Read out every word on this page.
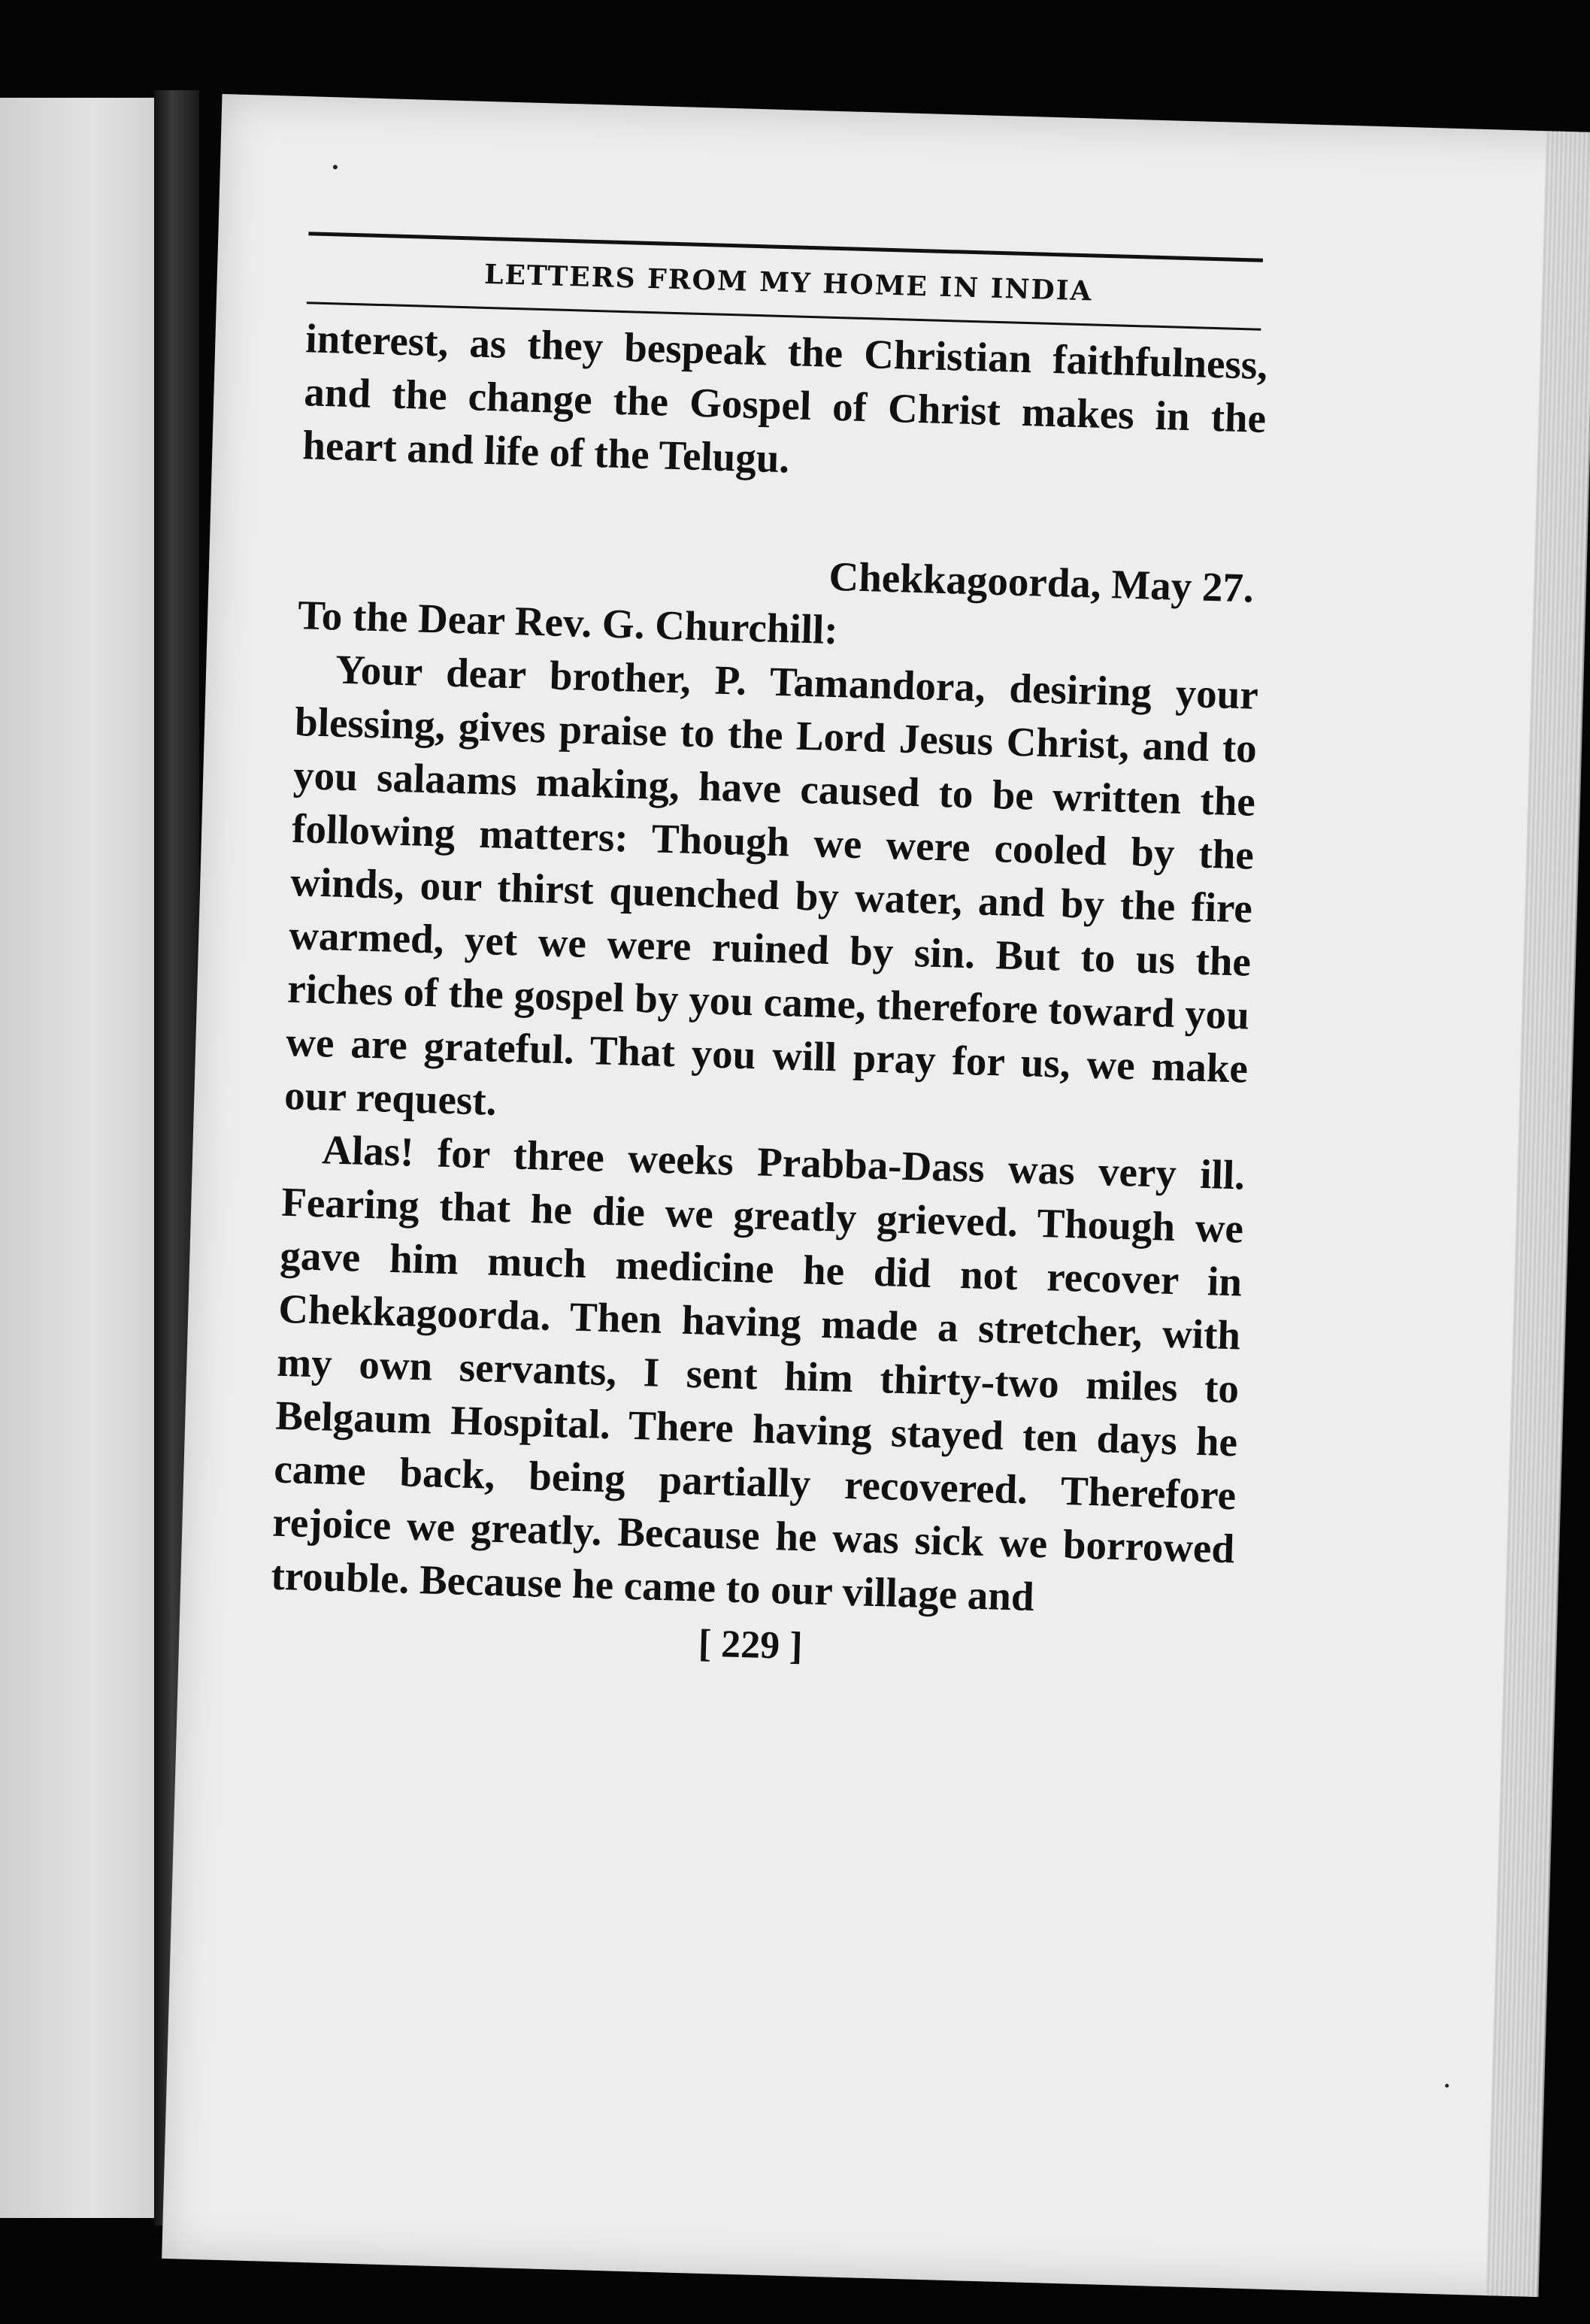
LETTERS FROM MY HOME IN INDIA

interest, as they bespeak the Christian faithfulness, and the change the Gospel of Christ makes in the heart and life of the Telugu.

Chekkagoorda, May 27.

To the Dear Rev. G. Churchill:

Your dear brother, P. Tamandora, desiring your blessing, gives praise to the Lord Jesus Christ, and to you salaams making, have caused to be written the following matters: Though we were cooled by the winds, our thirst quenched by water, and by the fire warmed, yet we were ruined by sin. But to us the riches of the gospel by you came, therefore toward you we are grateful. That you will pray for us, we make our request.

Alas! for three weeks Prabba-Dass was very ill. Fearing that he die we greatly grieved. Though we gave him much medicine he did not recover in Chekkagoorda. Then having made a stretcher, with my own servants, I sent him thirty-two miles to Belgaum Hospital. There having stayed ten days he came back, being partially recovered. Therefore rejoice we greatly. Because he was sick we borrowed trouble. Because he came to our village and

[ 229 ]
